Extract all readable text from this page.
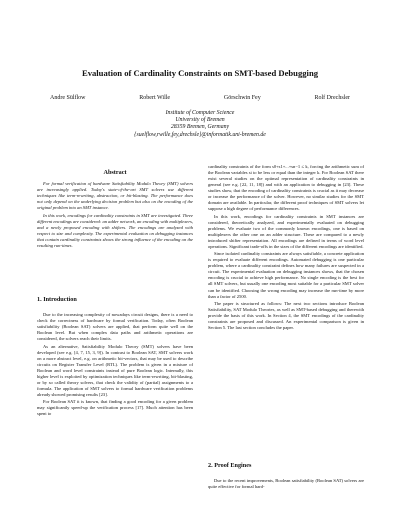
Evaluation of Cardinality Constraints on SMT-based Debugging
Andre Sülflow	Robert Wille	Görschwin Fey	Rolf Drechsler
Institute of Computer Science
University of Bremen
28359 Bremen, Germany
{suelflow,rwille,fey,drechsle}@informatik.uni-bremen.de
Abstract

For formal verification of hardware Satisfiability Modulo Theory (SMT) solvers are increasingly applied. Today's state-of-the-art SMT solvers use different techniques like term-rewriting, abstraction, or bit-blasting. The performance does not only depend on the underlying decision problem but also on the encoding of the original problem into an SMT instance.

In this work, encodings for cardinality constraints in SMT are investigated. Three different encodings are considered: an adder network, an encoding with multiplexers, and a newly proposed encoding with shifters. The encodings are analyzed with respect to size and complexity. The experimental evaluation on debugging instances that contain cardinality constraints shows the strong influence of the encoding on the resulting run-times.

1. Introduction

Due to the increasing complexity of nowadays circuit designs, there is a need to check the correctness of hardware by formal verification. Today, often Boolean satisfiability (Boolean SAT) solvers are applied, that perform quite well on the Boolean level. But when complex data paths and arithmetic operations are considered, the solvers reach their limits.

As an alternative, Satisfiability Modulo Theory (SMT) solvers have been developed (see e.g. [4, 7, 15, 3, 9]). In contrast to Boolean SAT, SMT solvers work on a more abstract level, e.g. on arithmetic bit-vectors, that may be used to describe circuits on Register Transfer Level (RTL). The problem is given in a mixture of Boolean and word level constraints instead of pure Boolean logic. Internally, this higher level is exploited by optimization techniques like term-rewriting, bit-blasting, or by so called theory solvers, that check the validity of (partial) assignments to a formula. The application of SMT solvers to formal hardware verification problems already showed promising results [23].

For Boolean SAT it is known, that finding a good encoding for a given problem may significantly speed-up the verification process [17]. Much attention has been spent to

cardinality constraints of the form s0+s1+...+sn−1 ≤ k, forcing the arithmetic sum of the Boolean variables si to be less or equal than the integer k. For Boolean SAT there exist several studies on the optimal representation of cardinality constraints in general (see e.g. [22, 11, 18]) and with an application to debugging in [23]. These studies show, that the encoding of cardinality constraints is crucial as it may decrease or increase the performance of the solver. However, no similar studies for the SMT domain are available. In particular, the different proof techniques of SMT solvers let suppose a high degree of performance differences.

In this work, encodings for cardinality constraints in SMT instances are considered, theoretically analyzed, and experimentally evaluated on debugging problems. We evaluate two of the commonly known encodings, one is based on multiplexers the other one on an adder structure. These are compared to a newly introduced shifter representation. All encodings are defined in terms of word level operations. Significant trade-offs in the sizes of the different encodings are identified.

Since isolated cardinality constraints are always satisfiable, a concrete application is required to evaluate different encodings. Automated debugging is one particular problem, where a cardinality constraint defines how many failures are suspected in a circuit. The experimental evaluation on debugging instances shows, that the chosen encoding is crucial to achieve high performance. No single encoding is the best for all SMT solvers, but usually one encoding most suitable for a particular SMT solver can be identified. Choosing the wrong encoding may increase the run-time by more than a factor of 2500.

The paper is structured as follows: The next two sections introduce Boolean Satisfiability, SAT Modulo Theories, as well as SMT-based debugging and therewith provide the basis of this work. In Section 4, the SMT encodings of the cardinality constraints are proposed and discussed. An experimental comparison is given in Section 5. The last section concludes the paper.

2. Proof Engines

Due to the recent improvements, Boolean satisfiability (Boolean SAT) solvers are quite effective for formal hard-
